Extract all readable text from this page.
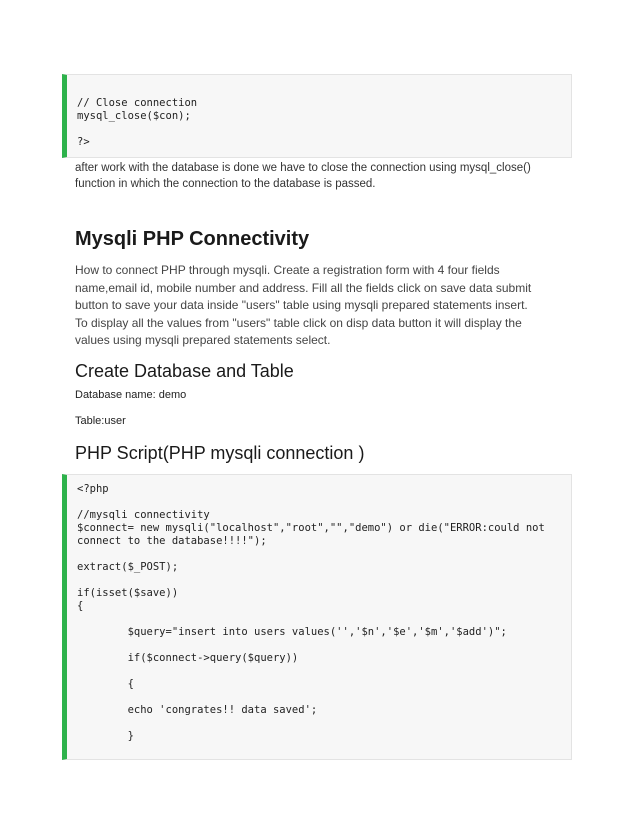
// Close connection
mysql_close($con);
?>
after work with the database is done we have to close the connection using mysql_close()
function in which the connection to the database is passed.
Mysqli PHP Connectivity
How to connect PHP through mysqli. Create a registration form with 4 four fields
name,email id, mobile number and address. Fill all the fields click on save data submit
button to save your data inside "users" table using mysqli prepared statements insert.
To display all the values from "users" table click on disp data button it will display the
values using mysqli prepared statements select.
Create Database and Table
Database name: demo
Table:user
PHP Script(PHP mysqli connection )
<?php
//mysqli connectivity
$connect= new mysqli("localhost","root","","demo") or die("ERROR:could not
connect to the database!!!!");
extract($_POST);
if(isset($save))
{
$query="insert into users values('','$n','$e','$m','$add')";
if($connect->query($query))
{
echo 'congrates!! data saved';
}
